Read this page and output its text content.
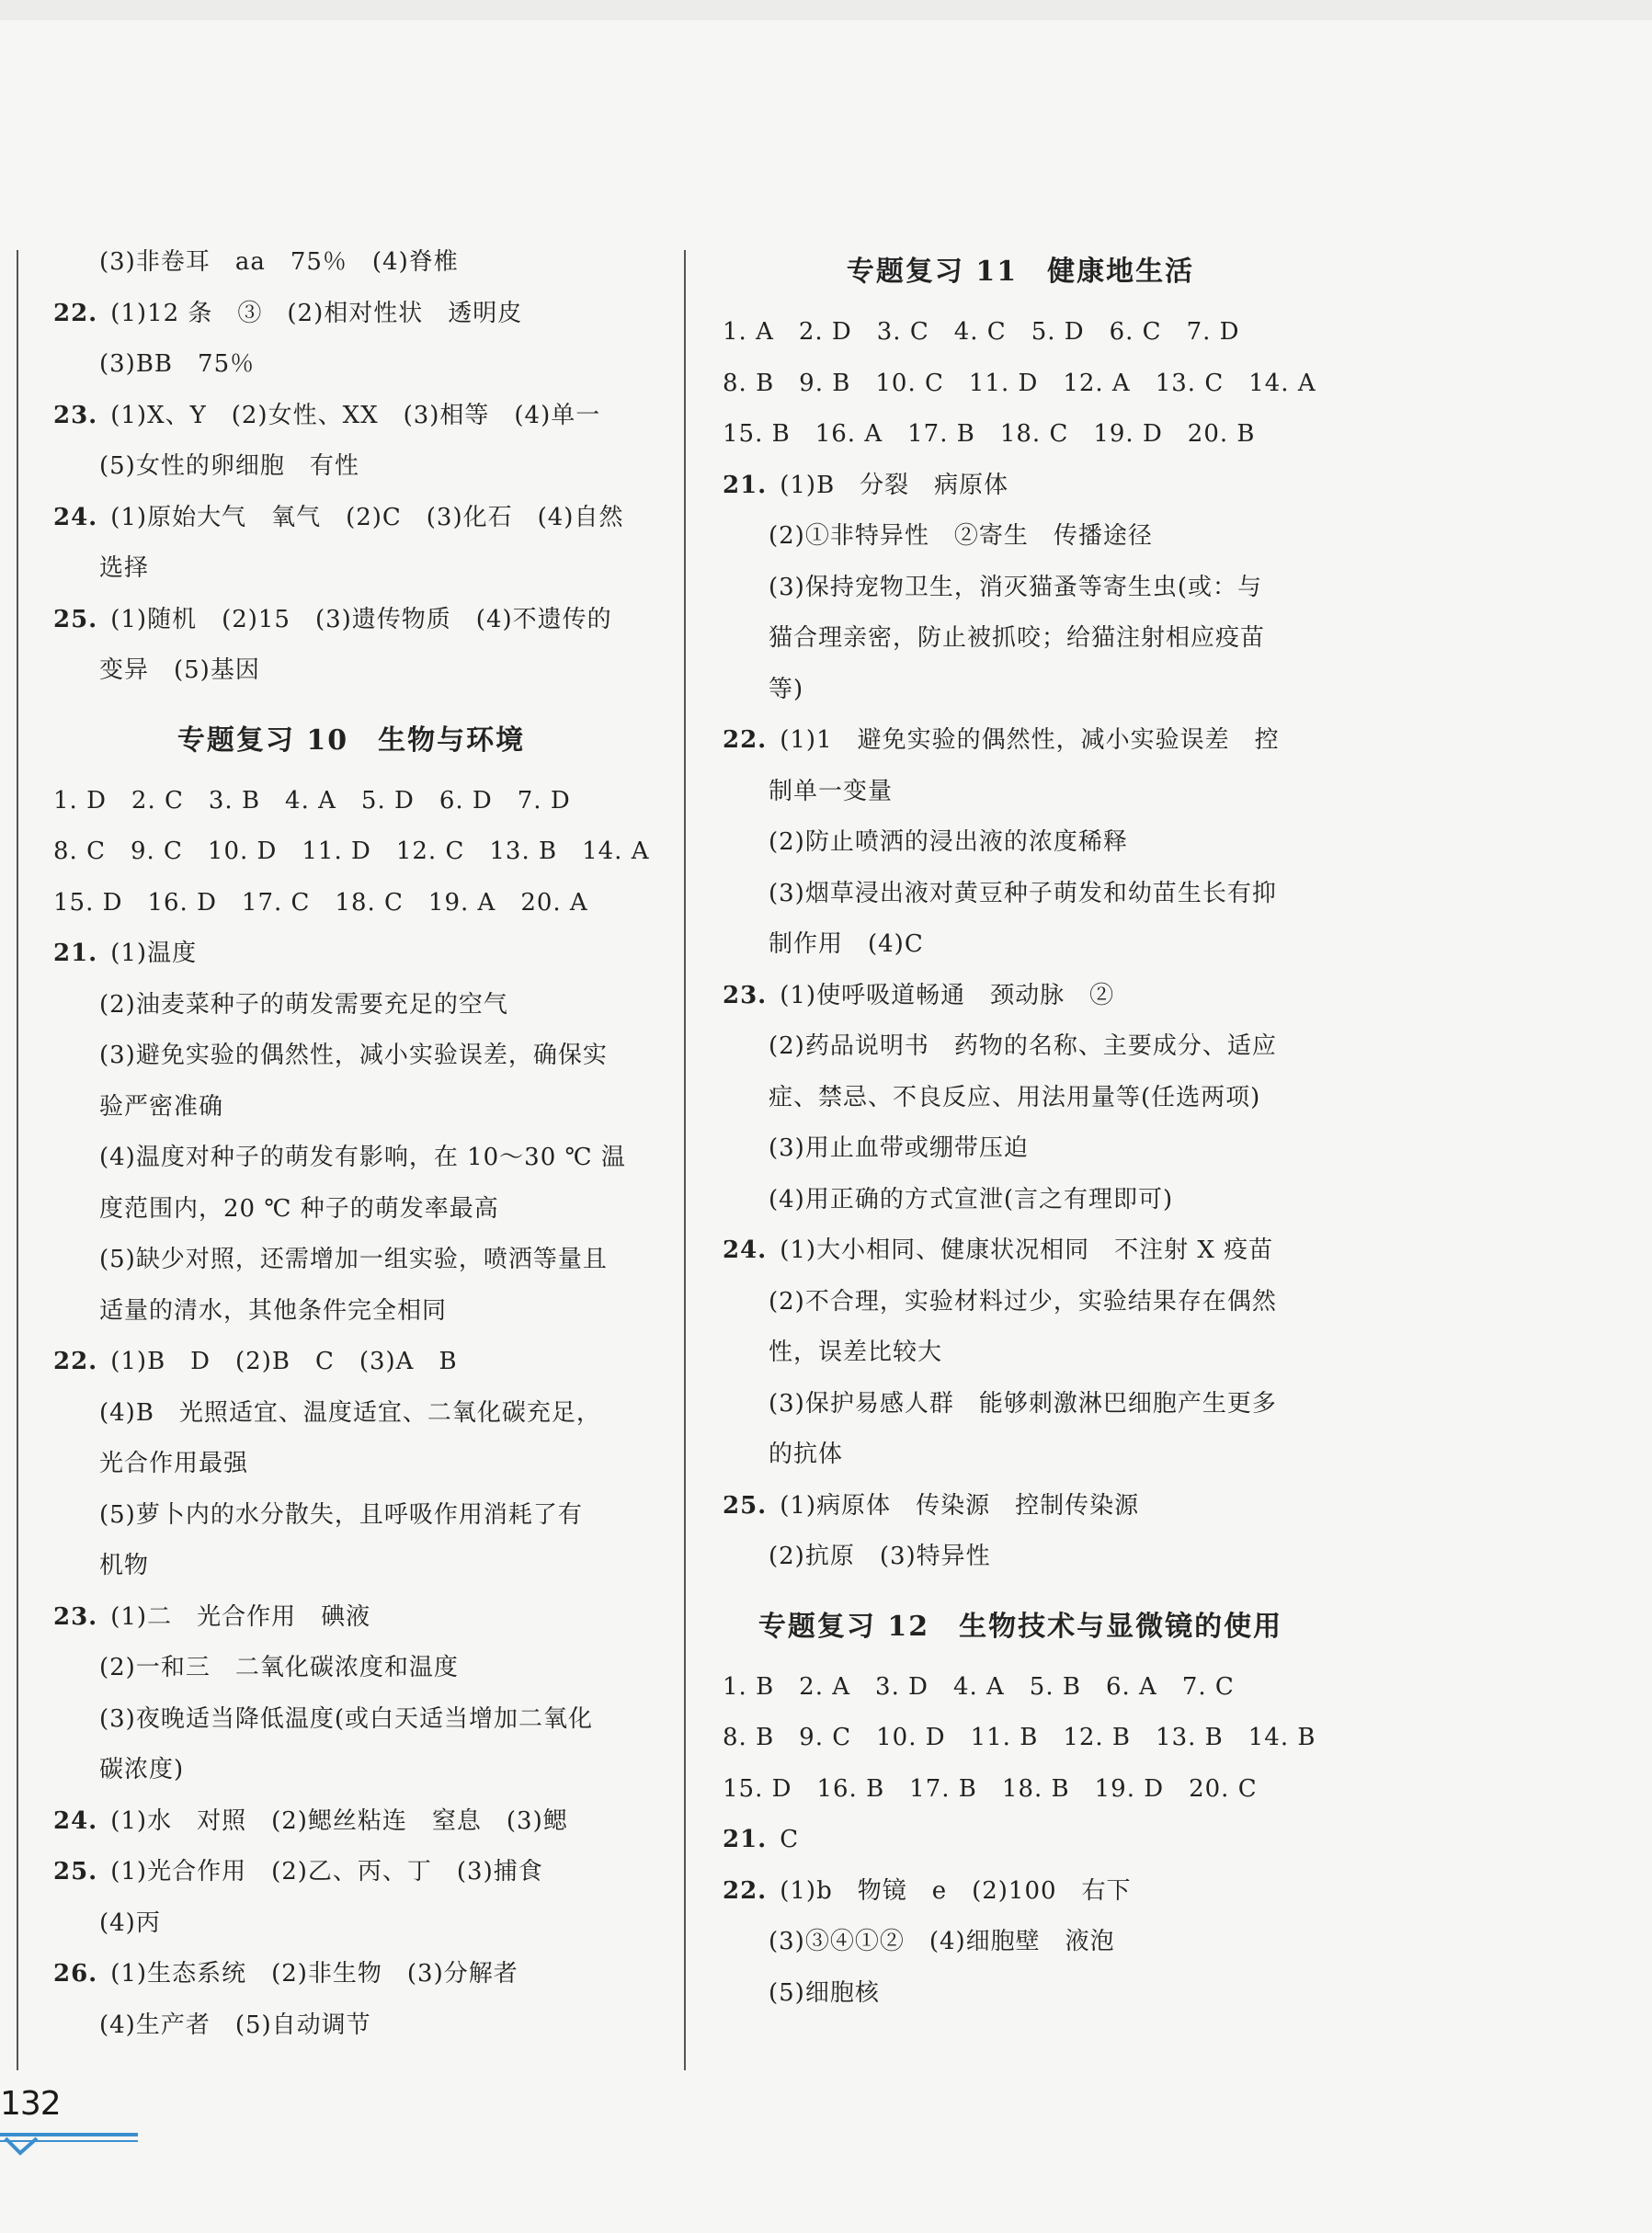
(3)非卷耳　aa　75％　(4)脊椎
22. (1)12 条　③　(2)相对性状　透明皮
(3)BB　75％
23. (1)X、Y　(2)女性、XX　(3)相等　(4)单一
(5)女性的卵细胞　有性
24. (1)原始大气　氧气　(2)C　(3)化石　(4)自然
选择
25. (1)随机　(2)15　(3)遗传物质　(4)不遗传的
变异　(5)基因
专题复习 10　生物与环境
1. D　2. C　3. B　4. A　5. D　6. D　7. D
8. C　9. C　10. D　11. D　12. C　13. B　14. A
15. D　16. D　17. C　18. C　19. A　20. A
21. (1)温度
(2)油麦菜种子的萌发需要充足的空气
(3)避免实验的偶然性，减小实验误差，确保实
验严密准确
(4)温度对种子的萌发有影响，在 10～30 ℃ 温
度范围内，20 ℃ 种子的萌发率最高
(5)缺少对照，还需增加一组实验，喷洒等量且
适量的清水，其他条件完全相同
22. (1)B　D　(2)B　C　(3)A　B
(4)B　光照适宜、温度适宜、二氧化碳充足，
光合作用最强
(5)萝卜内的水分散失，且呼吸作用消耗了有
机物
23. (1)二　光合作用　碘液
(2)一和三　二氧化碳浓度和温度
(3)夜晚适当降低温度(或白天适当增加二氧化
碳浓度)
24. (1)水　对照　(2)鳃丝粘连　窒息　(3)鳃
25. (1)光合作用　(2)乙、丙、丁　(3)捕食
(4)丙
26. (1)生态系统　(2)非生物　(3)分解者
(4)生产者　(5)自动调节
专题复习 11　健康地生活
1. A　2. D　3. C　4. C　5. D　6. C　7. D
8. B　9. B　10. C　11. D　12. A　13. C　14. A
15. B　16. A　17. B　18. C　19. D　20. B
21. (1)B　分裂　病原体
(2)①非特异性　②寄生　传播途径
(3)保持宠物卫生，消灭猫蚤等寄生虫(或：与
猫合理亲密，防止被抓咬；给猫注射相应疫苗
等)
22. (1)1　避免实验的偶然性，减小实验误差　控
制单一变量
(2)防止喷洒的浸出液的浓度稀释
(3)烟草浸出液对黄豆种子萌发和幼苗生长有抑
制作用　(4)C
23. (1)使呼吸道畅通　颈动脉　②
(2)药品说明书　药物的名称、主要成分、适应
症、禁忌、不良反应、用法用量等(任选两项)
(3)用止血带或绷带压迫
(4)用正确的方式宣泄(言之有理即可)
24. (1)大小相同、健康状况相同　不注射 X 疫苗
(2)不合理，实验材料过少，实验结果存在偶然
性，误差比较大
(3)保护易感人群　能够刺激淋巴细胞产生更多
的抗体
25. (1)病原体　传染源　控制传染源
(2)抗原　(3)特异性
专题复习 12　生物技术与显微镜的使用
1. B　2. A　3. D　4. A　5. B　6. A　7. C
8. B　9. C　10. D　11. B　12. B　13. B　14. B
15. D　16. B　17. B　18. B　19. D　20. C
21. C
22. (1)b　物镜　e　(2)100　右下
(3)③④①②　(4)细胞壁　液泡
(5)细胞核
132
